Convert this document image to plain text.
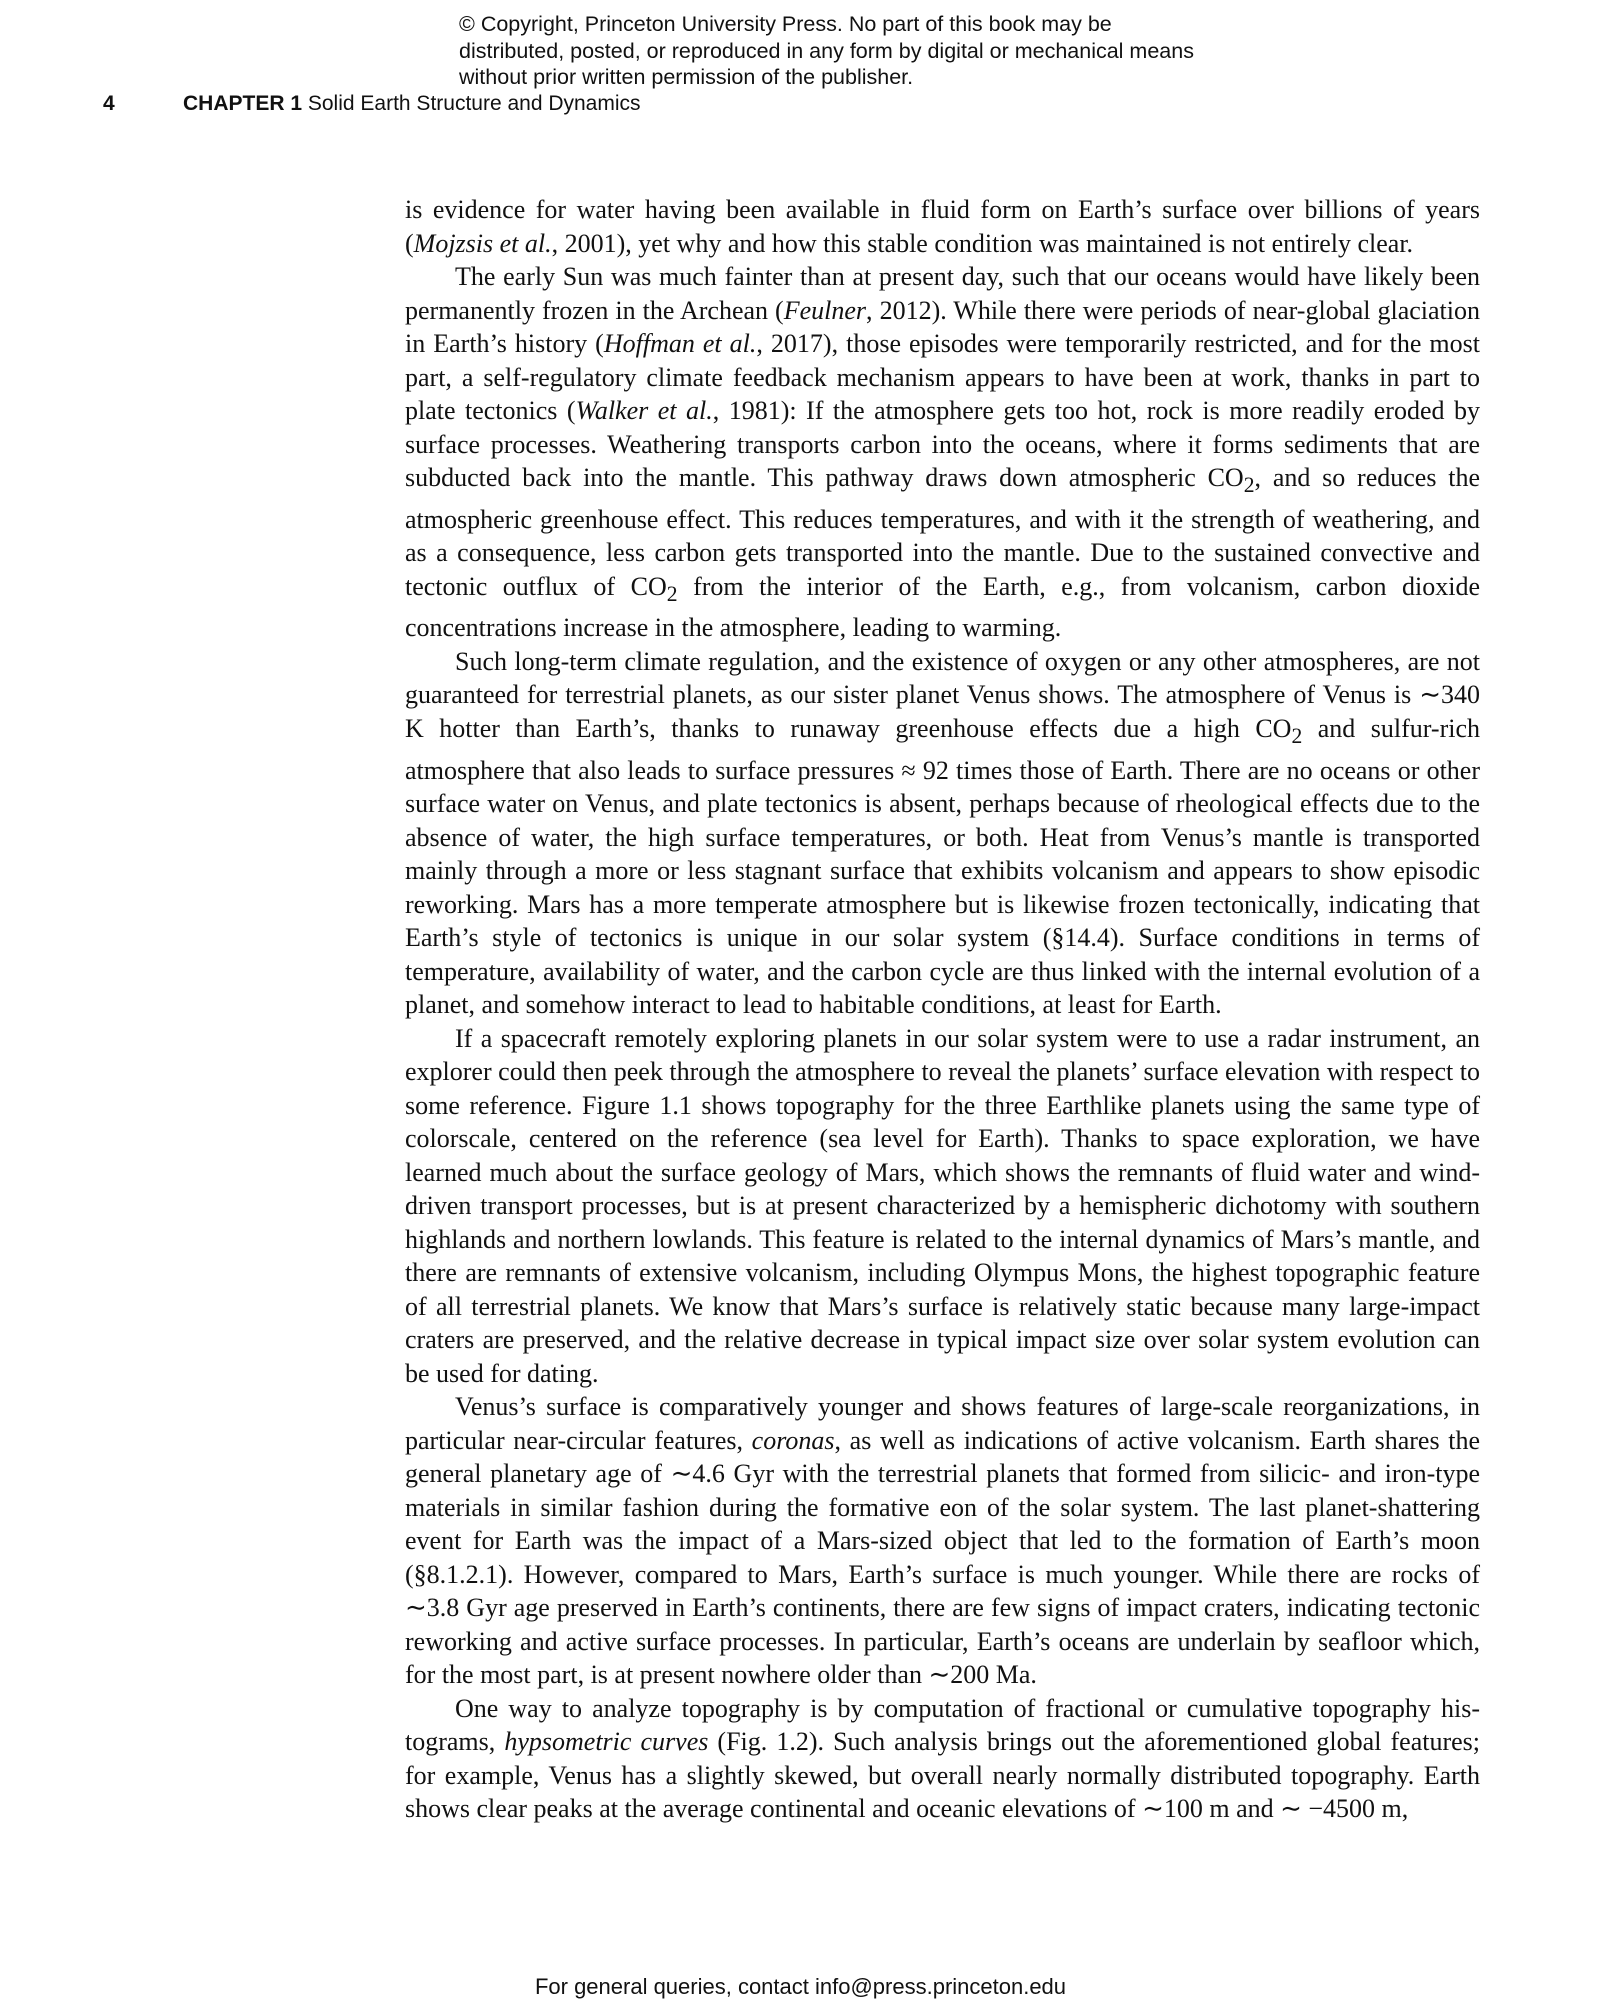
© Copyright, Princeton University Press. No part of this book may be distributed, posted, or reproduced in any form by digital or mechanical means without prior written permission of the publisher.
4	CHAPTER 1 Solid Earth Structure and Dynamics

is evidence for water having been available in fluid form on Earth’s surface over billions of years (Mojzsis et al., 2001), yet why and how this stable condition was maintained is not entirely clear.

The early Sun was much fainter than at present day, such that our oceans would have likely been permanently frozen in the Archean (Feulner, 2012). While there were periods of near-global glaciation in Earth’s history (Hoffman et al., 2017), those episodes were temporarily restricted, and for the most part, a self-regulatory climate feedback mechanism appears to have been at work, thanks in part to plate tectonics (Walker et al., 1981): If the atmosphere gets too hot, rock is more readily eroded by surface processes. Weathering transports carbon into the oceans, where it forms sediments that are subducted back into the mantle. This pathway draws down atmospheric $CO_2$, and so reduces the atmospheric greenhouse effect. This reduces temperatures, and with it the strength of weathering, and as a consequence, less carbon gets transported into the mantle. Due to the sustained convective and tectonic outflux of $CO_2$ from the interior of the Earth, e.g., from volcanism, carbon dioxide concentrations increase in the atmosphere, leading to warming.

Such long-term climate regulation, and the existence of oxygen or any other atmospheres, are not guaranteed for terrestrial planets, as our sister planet Venus shows. The atmosphere of Venus is ∼340 K hotter than Earth’s, thanks to runaway greenhouse effects due a high $CO_2$ and sulfur-rich atmosphere that also leads to surface pressures ≈ 92 times those of Earth. There are no oceans or other surface water on Venus, and plate tectonics is absent, perhaps because of rheological effects due to the absence of water, the high surface temperatures, or both. Heat from Venus’s mantle is transported mainly through a more or less stagnant surface that exhibits volcanism and appears to show episodic reworking. Mars has a more temperate atmosphere but is likewise frozen tectonically, indicating that Earth’s style of tectonics is unique in our solar system (§14.4). Surface conditions in terms of temperature, availability of water, and the carbon cycle are thus linked with the internal evolution of a planet, and somehow interact to lead to habitable conditions, at least for Earth.

If a spacecraft remotely exploring planets in our solar system were to use a radar instrument, an explorer could then peek through the atmosphere to reveal the planets’ surface elevation with respect to some reference. Figure 1.1 shows topography for the three Earthlike planets using the same type of colorscale, centered on the reference (sea level for Earth). Thanks to space exploration, we have learned much about the surface geology of Mars, which shows the remnants of fluid water and wind-driven transport processes, but is at present characterized by a hemispheric dichotomy with southern highlands and northern lowlands. This feature is related to the internal dynamics of Mars’s mantle, and there are remnants of extensive volcanism, including Olympus Mons, the highest topographic feature of all terrestrial planets. We know that Mars’s surface is relatively static because many large-impact craters are preserved, and the relative decrease in typical impact size over solar system evolution can be used for dating.

Venus’s surface is comparatively younger and shows features of large-scale reorganizations, in particular near-circular features, coronas, as well as indications of active volcanism. Earth shares the general planetary age of ∼4.6 Gyr with the terrestrial planets that formed from silicic- and iron-type materials in similar fashion during the formative eon of the solar system. The last planet-shattering event for Earth was the impact of a Mars-sized object that led to the formation of Earth’s moon (§8.1.2.1). However, compared to Mars, Earth’s surface is much younger. While there are rocks of ∼3.8 Gyr age preserved in Earth’s continents, there are few signs of impact craters, indicating tectonic reworking and active surface processes. In particular, Earth’s oceans are underlain by seafloor which, for the most part, is at present nowhere older than ∼200 Ma.

One way to analyze topography is by computation of fractional or cumulative topography histograms, hypsometric curves (Fig. 1.2). Such analysis brings out the aforementioned global features; for example, Venus has a slightly skewed, but overall nearly normally distributed topography. Earth shows clear peaks at the average continental and oceanic elevations of ∼100 m and ∼ −4500 m,

For general queries, contact info@press.princeton.edu
